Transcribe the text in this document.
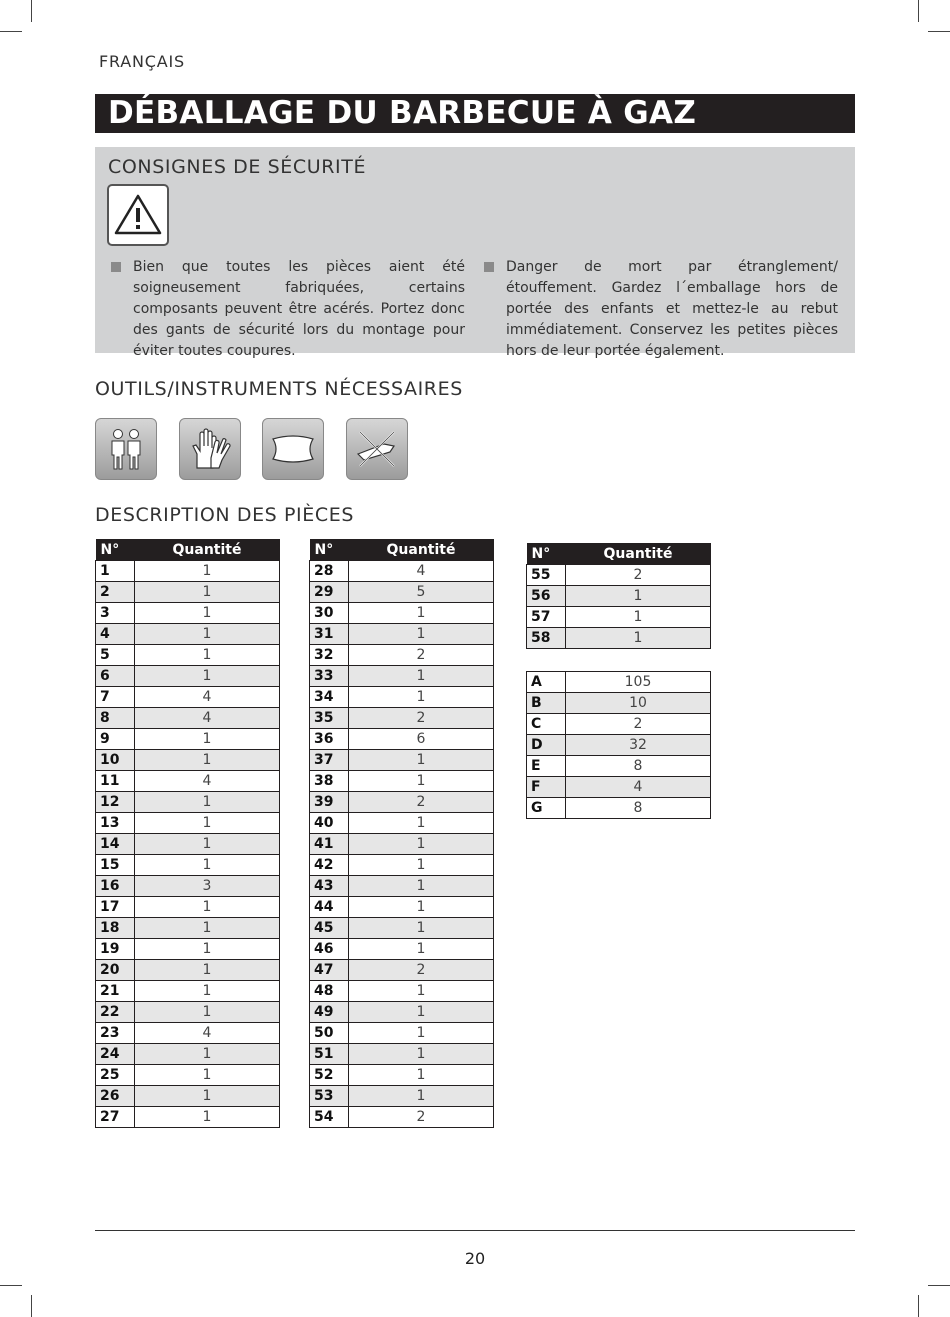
FRANÇAIS
DÉBALLAGE DU BARBECUE À GAZ
CONSIGNES DE SÉCURITÉ
Bien que toutes les pièces aient été soigneusement fabriquées, certains composants peuvent être acérés. Portez donc des gants de sécurité lors du montage pour éviter toutes coupures.
Danger de mort par étranglement/étouffement. Gardez l´emballage hors de portée des enfants et mettez-le au rebut immédiatement. Conservez les petites pièces hors de leur portée également.
OUTILS/INSTRUMENTS NÉCESSAIRES
DESCRIPTION DES PIÈCES
N°	Quantité
1	1
2	1
3	1
4	1
5	1
6	1
7	4
8	4
9	1
10	1
11	4
12	1
13	1
14	1
15	1
16	3
17	1
18	1
19	1
20	1
21	1
22	1
23	4
24	1
25	1
26	1
27	1
N°	Quantité
28	4
29	5
30	1
31	1
32	2
33	1
34	1
35	2
36	6
37	1
38	1
39	2
40	1
41	1
42	1
43	1
44	1
45	1
46	1
47	2
48	1
49	1
50	1
51	1
52	1
53	1
54	2
N°	Quantité
55	2
56	1
57	1
58	1
A	105
B	10
C	2
D	32
E	8
F	4
G	8
20
